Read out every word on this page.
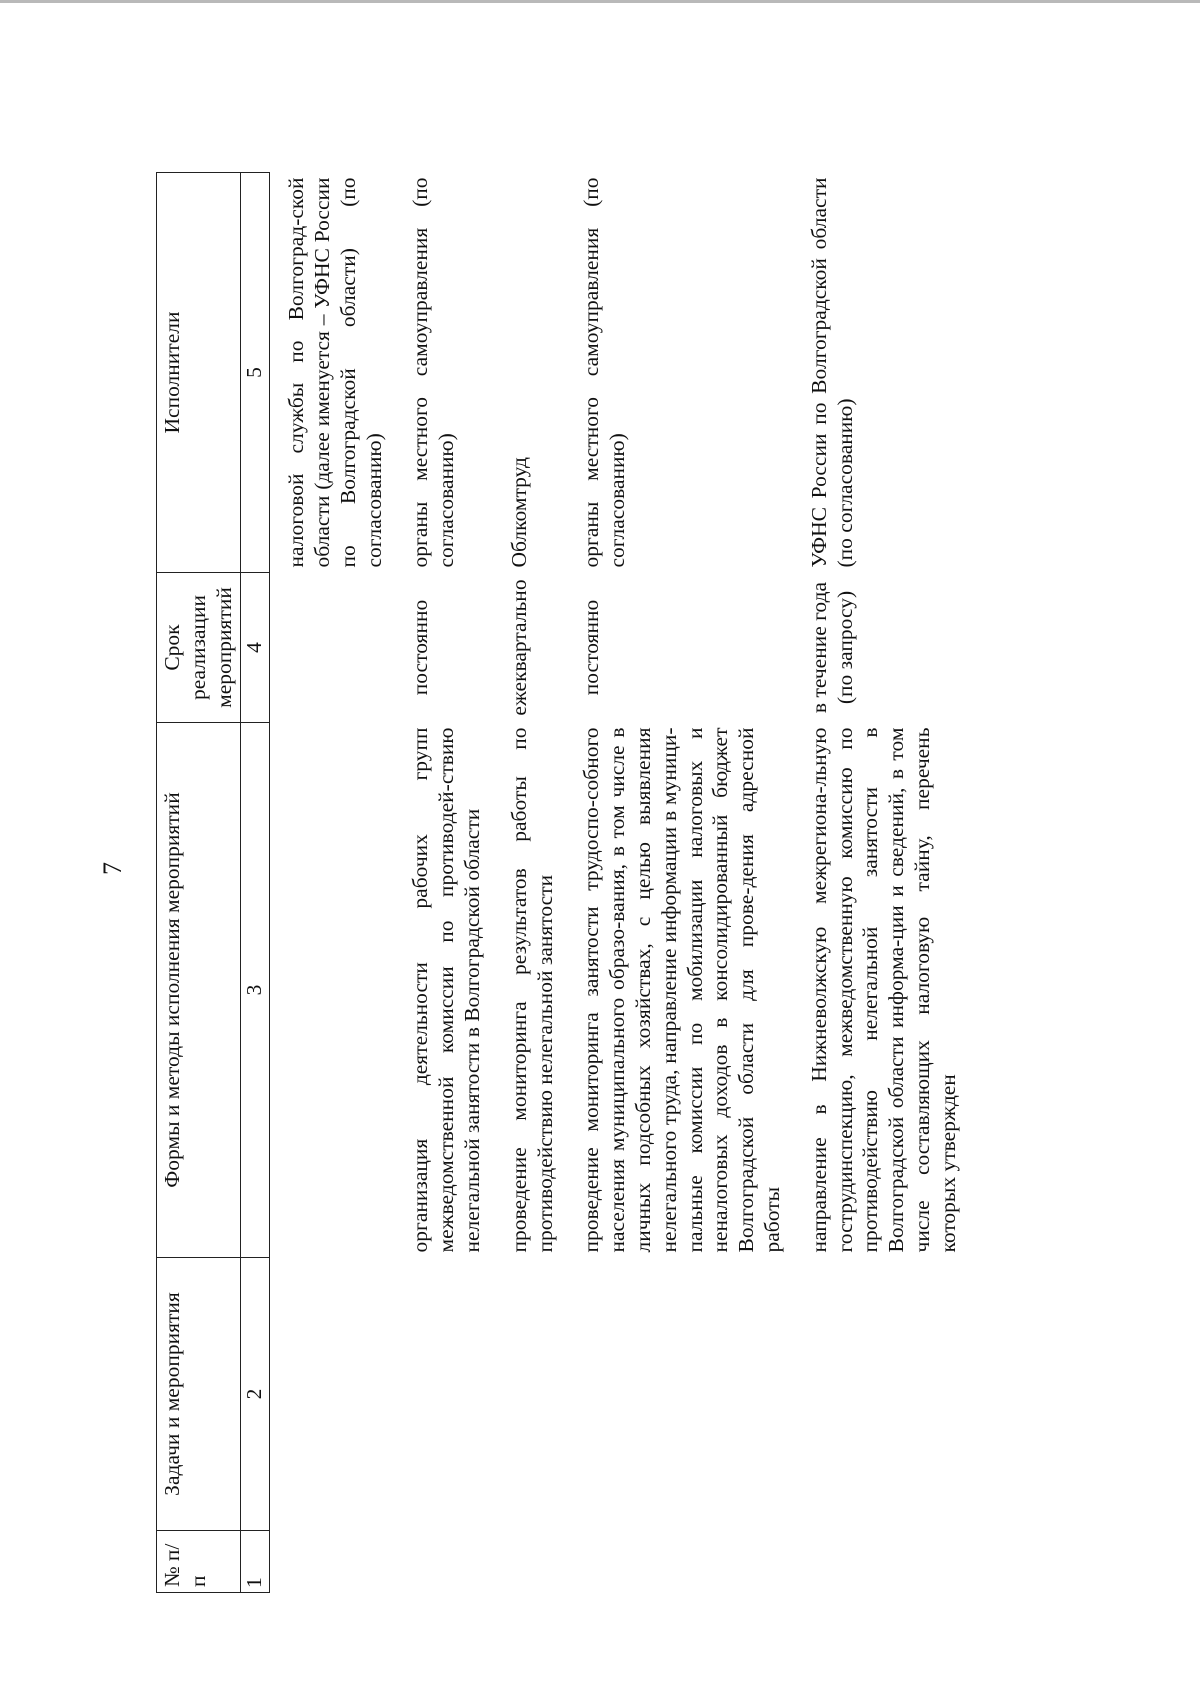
7
№ п/п	Задачи и мероприятия	Формы и методы исполнения мероприятий	Срок реализации мероприятий	Исполнители
1	2	3	4	5
				налоговой службы по Волгоград-ской области (далее именуется – УФНС России по Волгоградской области) (по согласованию)
		организация деятельности рабочих групп межведомственной комиссии по противодей-ствию нелегальной занятости в Волгоградской области	постоянно	органы местного самоуправления (по согласованию)
		проведение мониторинга результатов работы по противодействию нелегальной занятости	ежеквартально	Облкомтруд
		проведение мониторинга занятости трудоспо-собного населения муниципального образо-вания, в том числе в личных подсобных хозяйствах, с целью выявления нелегального труда, направление информации в муници-пальные комиссии по мобилизации налоговых и неналоговых доходов в консолидированный бюджет Волгоградской области для прове-дения адресной работы	постоянно	органы местного самоуправления (по согласованию)
		направление в Нижневолжскую межрегиона-льную гострудинспекцию, межведомственную комиссию по противодействию нелегальной занятости в Волгоградской области информа-ции и сведений, в том числе составляющих налоговую тайну, перечень которых утвержден	в течение года (по запросу)	УФНС России по Волгоградской области (по согласованию)
